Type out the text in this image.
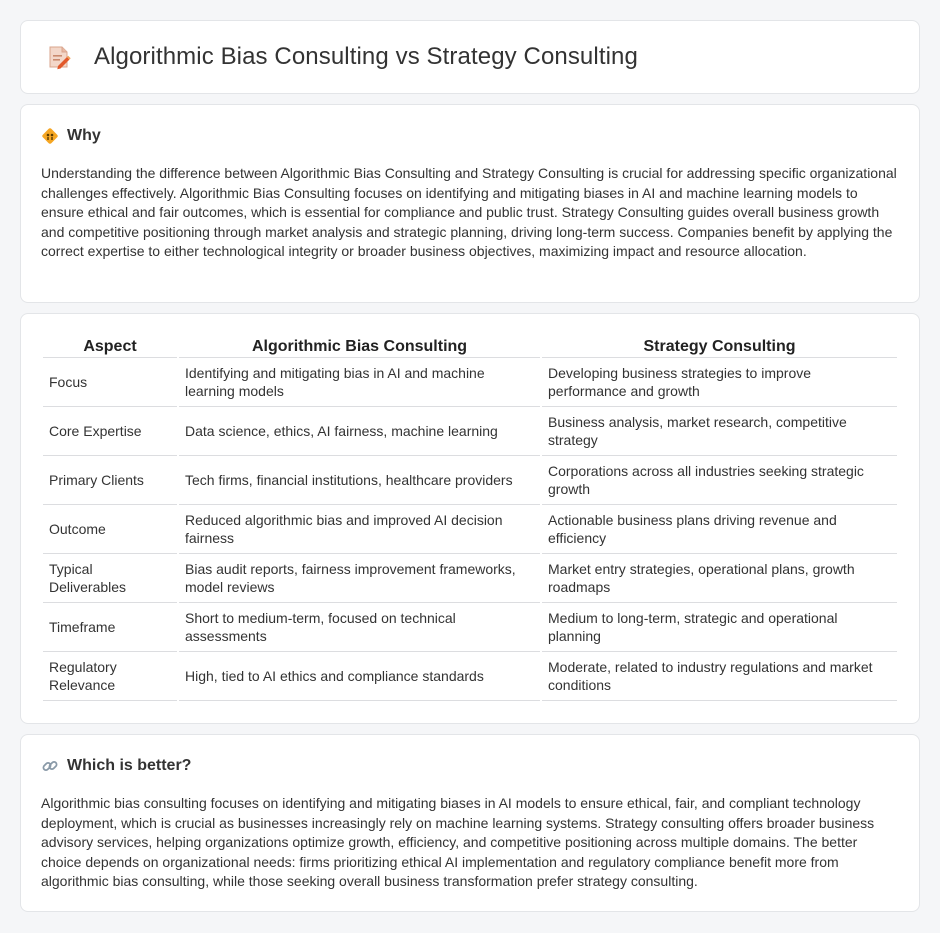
Algorithmic Bias Consulting vs Strategy Consulting
Why

Understanding the difference between Algorithmic Bias Consulting and Strategy Consulting is crucial for addressing specific organizational challenges effectively. Algorithmic Bias Consulting focuses on identifying and mitigating biases in AI and machine learning models to ensure ethical and fair outcomes, which is essential for compliance and public trust. Strategy Consulting guides overall business growth and competitive positioning through market analysis and strategic planning, driving long-term success. Companies benefit by applying the correct expertise to either technological integrity or broader business objectives, maximizing impact and resource allocation.

Aspect	Algorithmic Bias Consulting	Strategy Consulting
Focus	Identifying and mitigating bias in AI and machine learning models	Developing business strategies to improve performance and growth
Core Expertise	Data science, ethics, AI fairness, machine learning	Business analysis, market research, competitive strategy
Primary Clients	Tech firms, financial institutions, healthcare providers	Corporations across all industries seeking strategic growth
Outcome	Reduced algorithmic bias and improved AI decision fairness	Actionable business plans driving revenue and efficiency
Typical Deliverables	Bias audit reports, fairness improvement frameworks, model reviews	Market entry strategies, operational plans, growth roadmaps
Timeframe	Short to medium-term, focused on technical assessments	Medium to long-term, strategic and operational planning
Regulatory Relevance	High, tied to AI ethics and compliance standards	Moderate, related to industry regulations and market conditions
Which is better?

Algorithmic bias consulting focuses on identifying and mitigating biases in AI models to ensure ethical, fair, and compliant technology deployment, which is crucial as businesses increasingly rely on machine learning systems. Strategy consulting offers broader business advisory services, helping organizations optimize growth, efficiency, and competitive positioning across multiple domains. The better choice depends on organizational needs: firms prioritizing ethical AI implementation and regulatory compliance benefit more from algorithmic bias consulting, while those seeking overall business transformation prefer strategy consulting.
